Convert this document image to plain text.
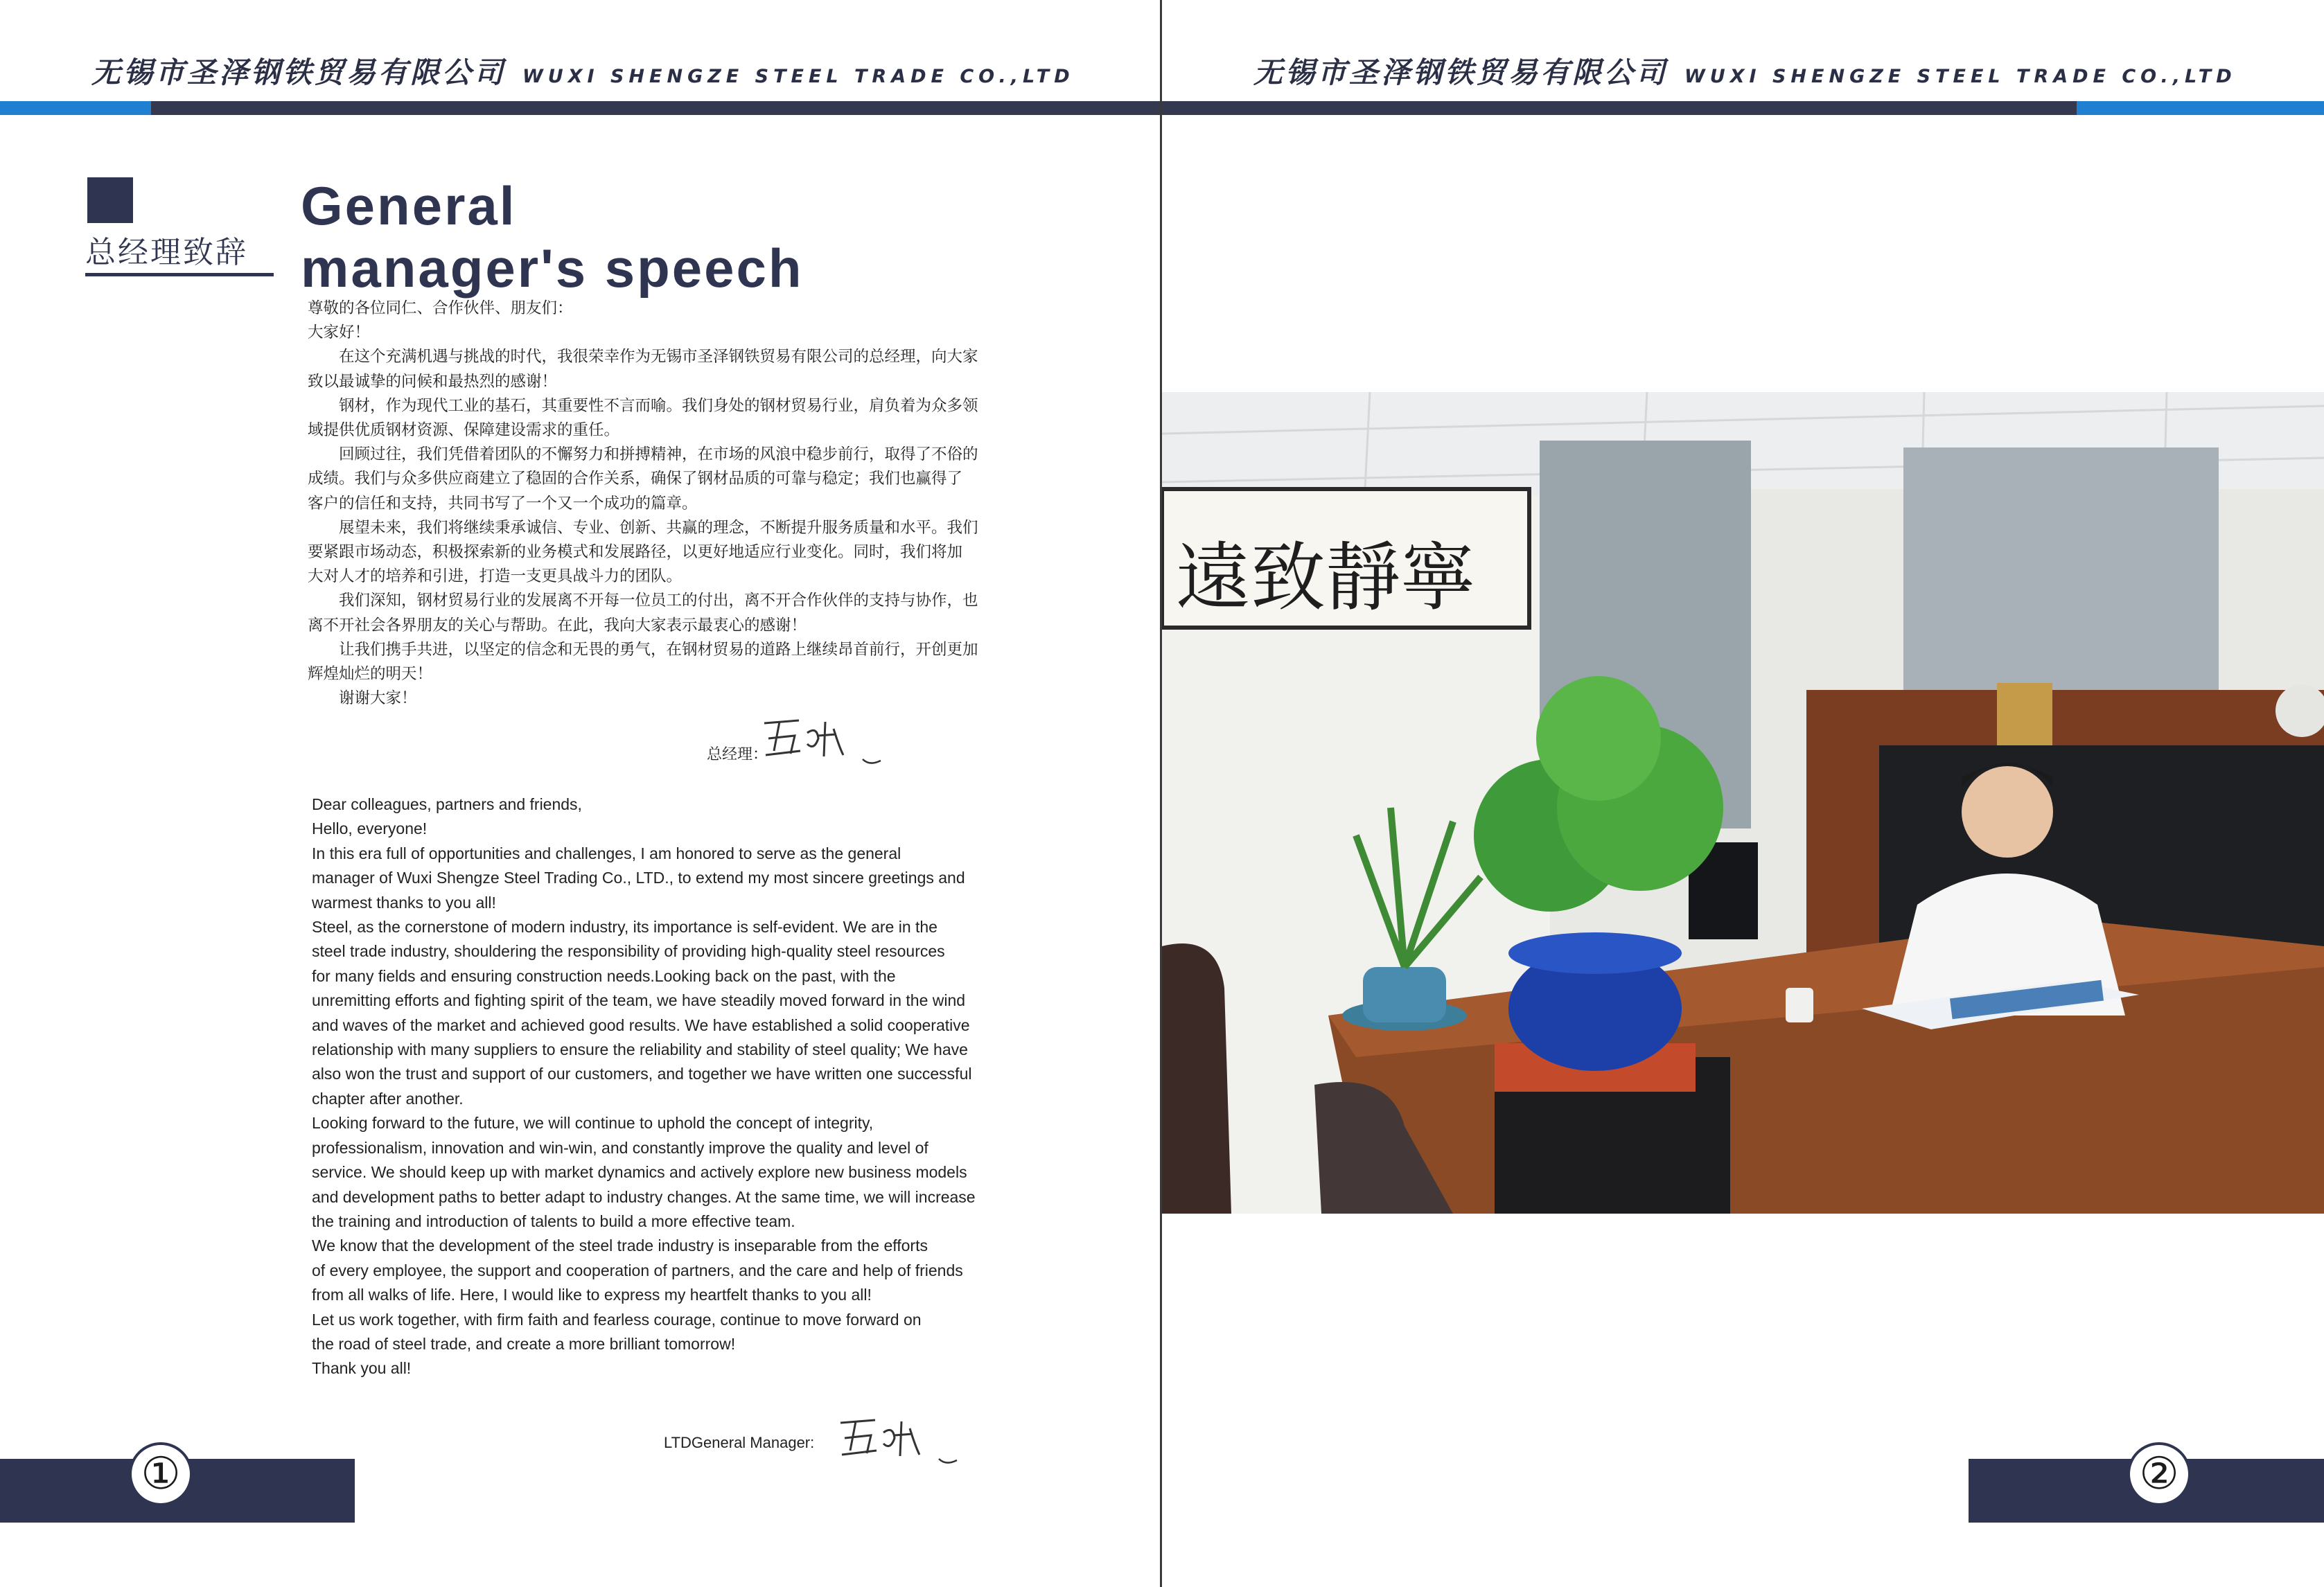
无锡市圣泽钢铁贸易有限公司 WUXI SHENGZE STEEL TRADE CO.,LTD
总经理致辞
General
manager's speech

尊敬的各位同仁、合作伙伴、朋友们：

大家好！

　　在这个充满机遇与挑战的时代，我很荣幸作为无锡市圣泽钢铁贸易有限公司的总经理，向大家

致以最诚挚的问候和最热烈的感谢！

　　钢材，作为现代工业的基石，其重要性不言而喻。我们身处的钢材贸易行业，肩负着为众多领

域提供优质钢材资源、保障建设需求的重任。

　　回顾过往，我们凭借着团队的不懈努力和拼搏精神，在市场的风浪中稳步前行，取得了不俗的

成绩。我们与众多供应商建立了稳固的合作关系，确保了钢材品质的可靠与稳定；我们也赢得了

客户的信任和支持，共同书写了一个又一个成功的篇章。

　　展望未来，我们将继续秉承诚信、专业、创新、共赢的理念，不断提升服务质量和水平。我们

要紧跟市场动态，积极探索新的业务模式和发展路径，以更好地适应行业变化。同时，我们将加

大对人才的培养和引进，打造一支更具战斗力的团队。

　　我们深知，钢材贸易行业的发展离不开每一位员工的付出，离不开合作伙伴的支持与协作，也

离不开社会各界朋友的关心与帮助。在此，我向大家表示最衷心的感谢！

　　让我们携手共进，以坚定的信念和无畏的勇气，在钢材贸易的道路上继续昂首前行，开创更加

辉煌灿烂的明天！

　　谢谢大家！

总经理：

Dear colleagues, partners and friends,

Hello, everyone!

In this era full of opportunities and challenges, I am honored to serve as the general

manager of Wuxi Shengze Steel Trading Co., LTD., to extend my most sincere greetings and

warmest thanks to you all!

Steel, as the cornerstone of modern industry, its importance is self-evident. We are in the

steel trade industry, shouldering the responsibility of providing high-quality steel resources

for many fields and ensuring construction needs.Looking back on the past, with the

unremitting efforts and fighting spirit of the team, we have steadily moved forward in the wind

and waves of the market and achieved good results. We have established a solid cooperative

relationship with many suppliers to ensure the reliability and stability of steel quality; We have

also won the trust and support of our customers, and together we have written one successful

chapter after another.

Looking forward to the future, we will continue to uphold the concept of integrity,

professionalism, innovation and win-win, and constantly improve the quality and level of

service. We should keep up with market dynamics and actively explore new business models

and development paths to better adapt to industry changes. At the same time, we will increase

the training and introduction of talents to build a more effective team.

We know that the development of the steel trade industry is inseparable from the efforts

of every employee, the support and cooperation of partners, and the care and help of friends

from all walks of life. Here, I would like to express my heartfelt thanks to you all!

Let us work together, with firm faith and fearless courage, continue to move forward on

the road of steel trade, and create a more brilliant tomorrow!

Thank you all!

LTDGeneral Manager:
①
无锡市圣泽钢铁贸易有限公司 WUXI SHENGZE STEEL TRADE CO.,LTD
②
遠致靜寧
